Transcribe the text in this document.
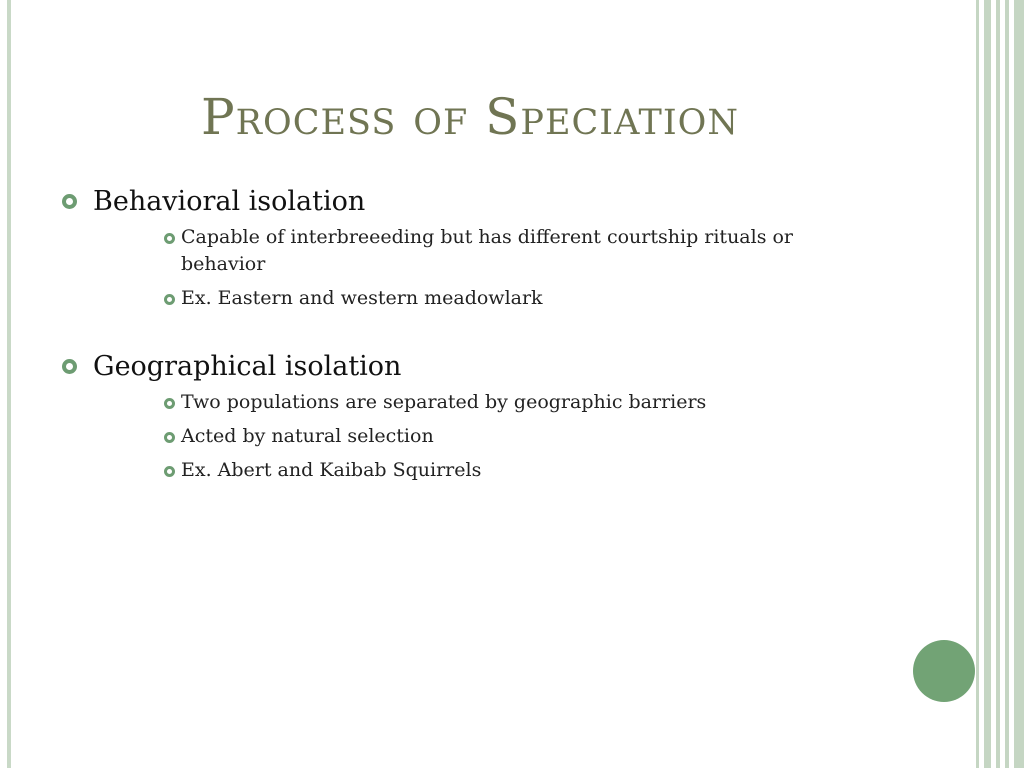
Process of Speciation
Behavioral isolation
Capable of interbreeeding but has different courtship rituals or behavior
Ex. Eastern and western meadowlark
Geographical isolation
Two populations are separated by geographic barriers
Acted by natural selection
Ex. Abert and Kaibab Squirrels
